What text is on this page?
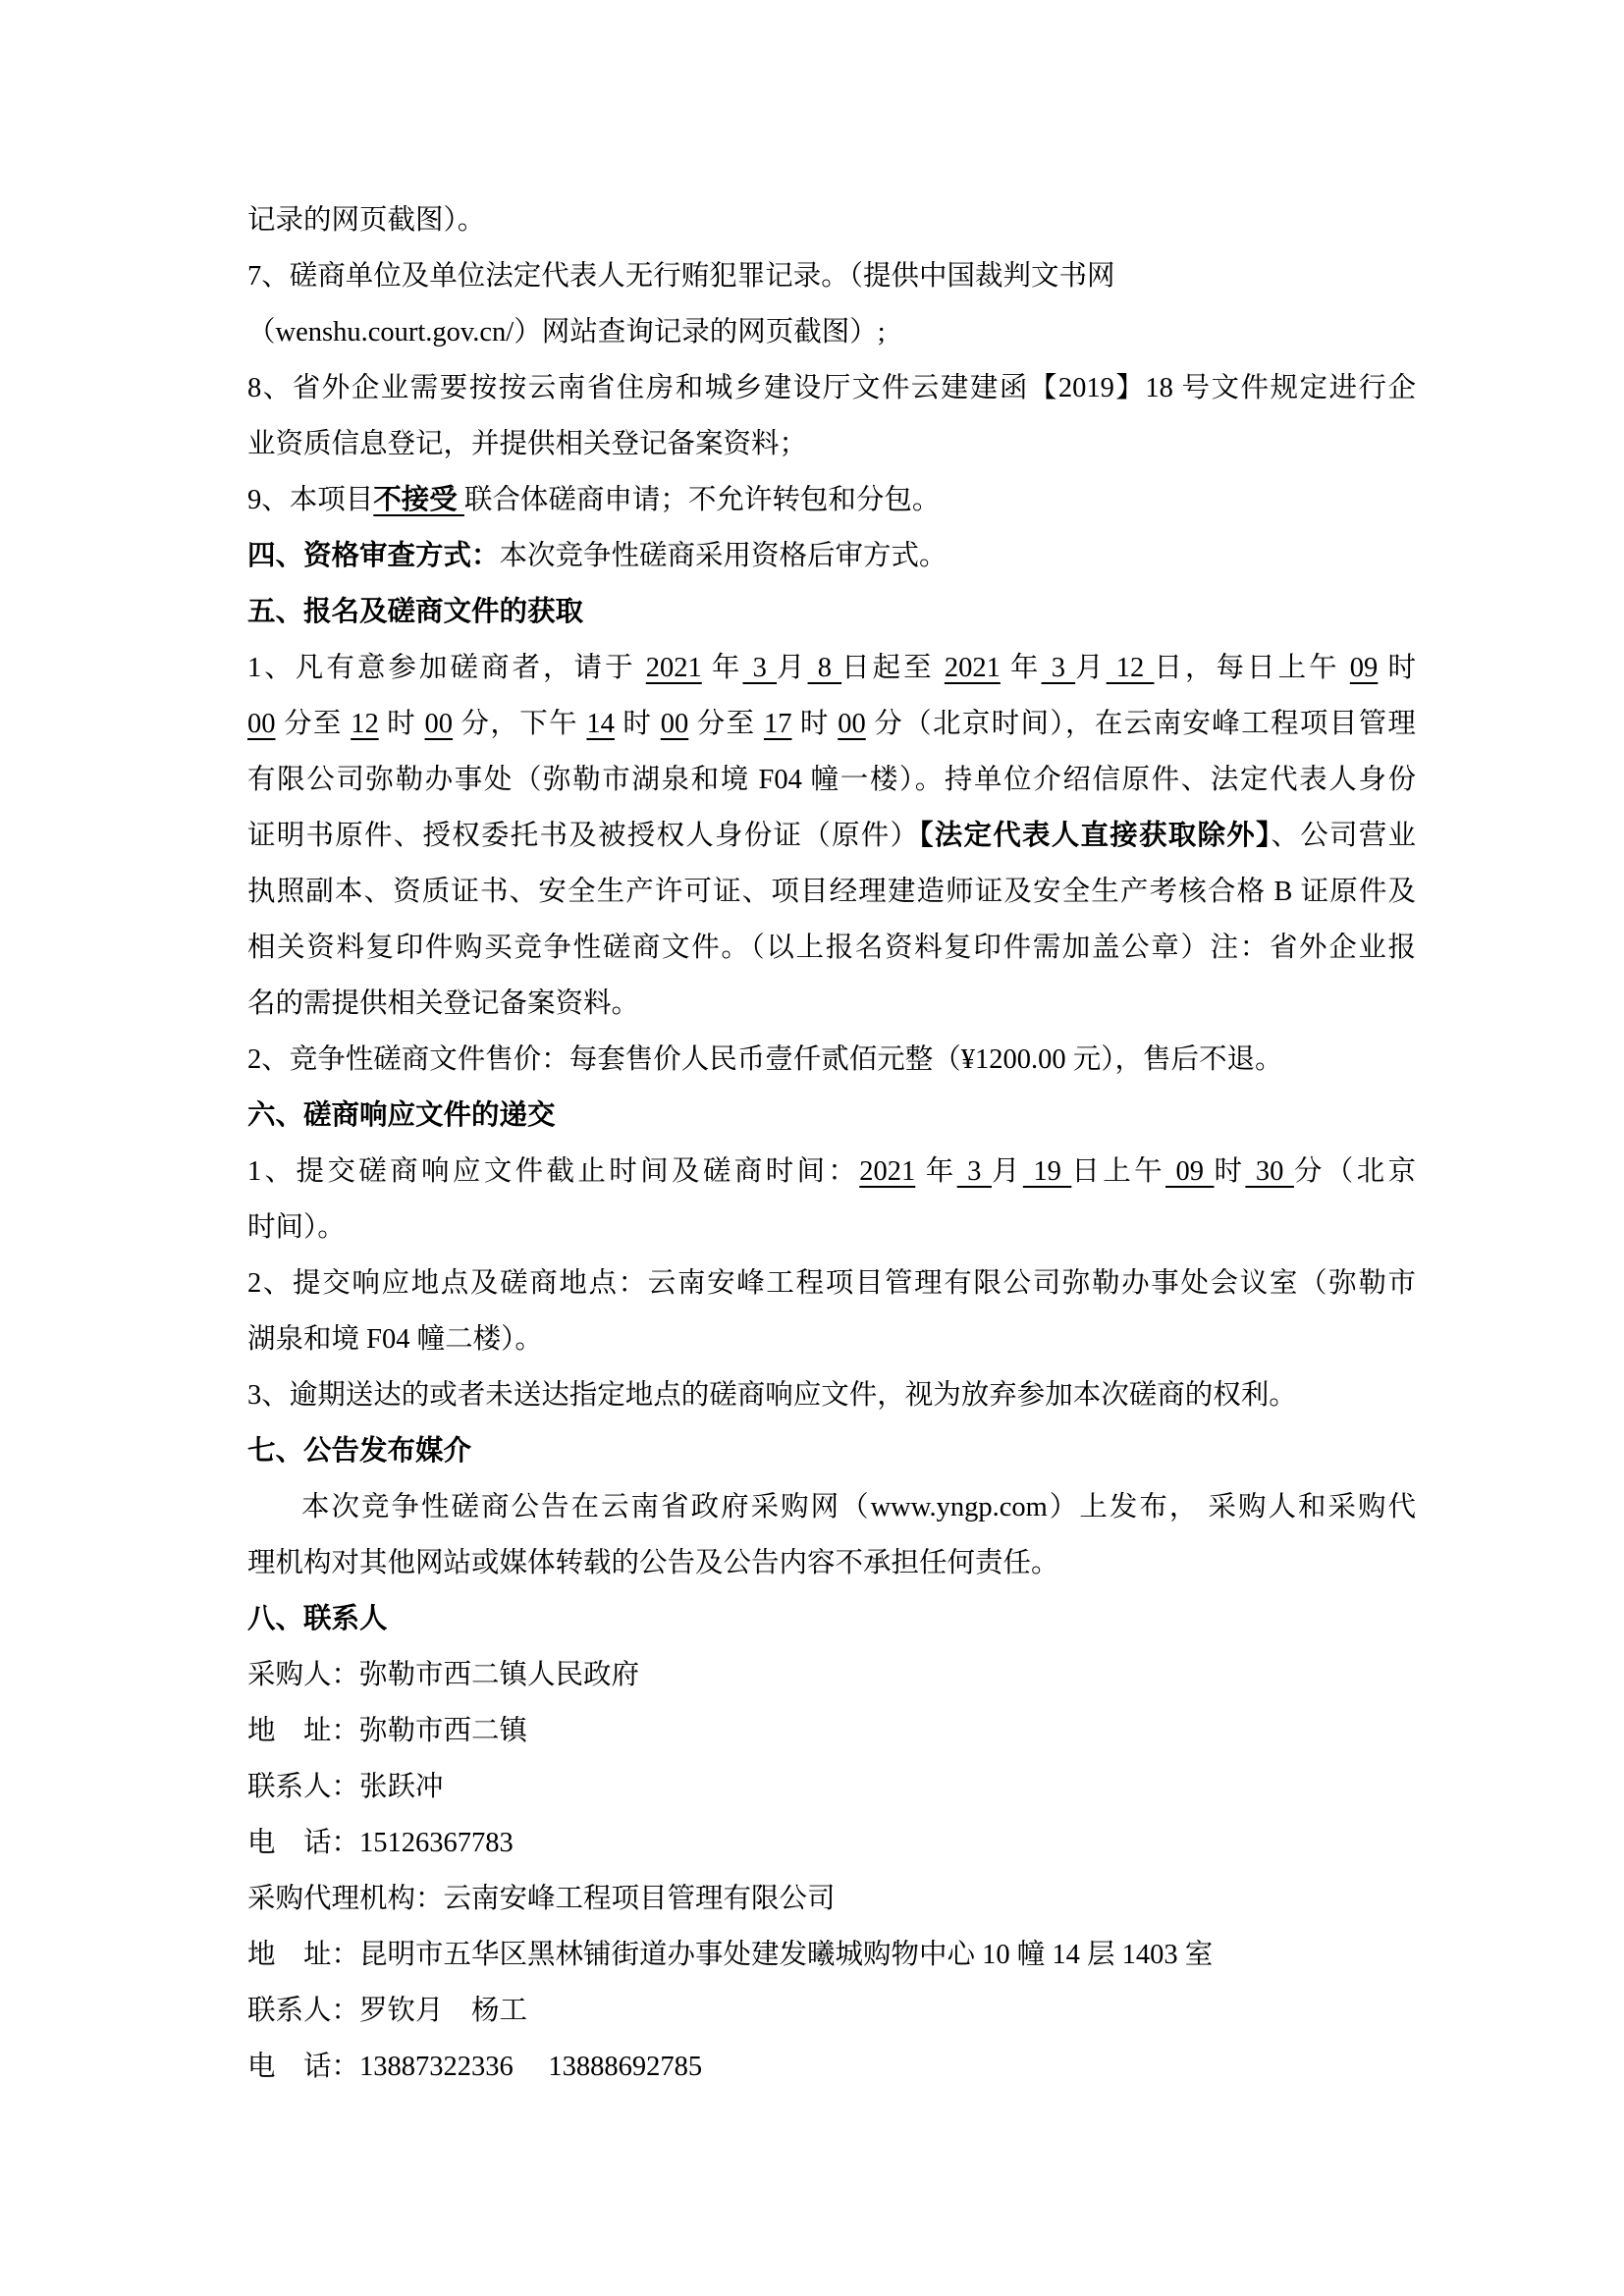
记录的网页截图）。
7、磋商单位及单位法定代表人无行贿犯罪记录。（提供中国裁判文书网
（wenshu.court.gov.cn/）网站查询记录的网页截图）;
8、省外企业需要按按云南省住房和城乡建设厅文件云建建函【2019】18 号文件规定进行企
业资质信息登记，并提供相关登记备案资料；
9、本项目不接受 联合体磋商申请；不允许转包和分包。
四、资格审查方式：本次竞争性磋商采用资格后审方式。
五、报名及磋商文件的获取
1、凡有意参加磋商者，请于 2021 年 3 月 8 日起至 2021 年 3 月 12 日，每日上午 09 时
00 分至 12 时 00 分，下午 14 时 00 分至 17 时 00 分（北京时间），在云南安峰工程项目管理
有限公司弥勒办事处（弥勒市湖泉和境 F04 幢一楼）。持单位介绍信原件、法定代表人身份
证明书原件、授权委托书及被授权人身份证（原件）【法定代表人直接获取除外】、公司营业
执照副本、资质证书、安全生产许可证、项目经理建造师证及安全生产考核合格 B 证原件及
相关资料复印件购买竞争性磋商文件。（以上报名资料复印件需加盖公章）注：省外企业报
名的需提供相关登记备案资料。
2、竞争性磋商文件售价：每套售价人民币壹仟贰佰元整（¥1200.00 元），售后不退。
六、磋商响应文件的递交
1、提交磋商响应文件截止时间及磋商时间：2021 年 3 月 19 日上午 09 时 30 分（北京
时间）。
2、提交响应地点及磋商地点：云南安峰工程项目管理有限公司弥勒办事处会议室（弥勒市
湖泉和境 F04 幢二楼）。
3、逾期送达的或者未送达指定地点的磋商响应文件，视为放弃参加本次磋商的权利。
七、公告发布媒介
本次竞争性磋商公告在云南省政府采购网（www.yngp.com）上发布， 采购人和采购代
理机构对其他网站或媒体转载的公告及公告内容不承担任何责任。
八、联系人
采购人：弥勒市西二镇人民政府
地　址：弥勒市西二镇
联系人：张跃冲
电　话：15126367783
采购代理机构：云南安峰工程项目管理有限公司
地　址：昆明市五华区黑林铺街道办事处建发曦城购物中心 10 幢 14 层 1403 室
联系人：罗钦月　杨工
电　话：13887322336　 13888692785
